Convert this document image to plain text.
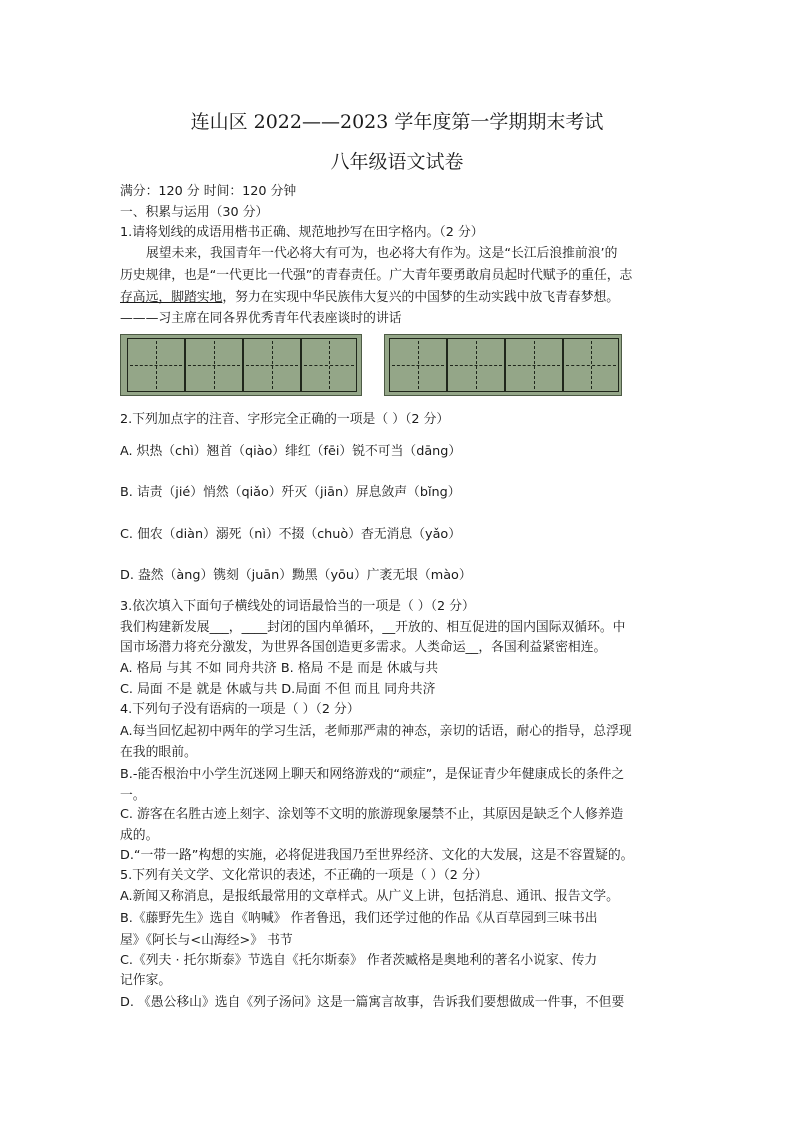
连山区 2022——2023 学年度第一学期期末考试
八年级语文试卷
满分：120 分 时间：120 分钟
一、积累与运用（30 分）
1.请将划线的成语用楷书正确、规范地抄写在田字格内。（2 分）
展望未来，我国青年一代必将大有可为，也必将大有作为。这是“长江后浪推前浪’的
历史规律，也是“一代更比一代强”的青春责任。广大青年要勇敢肩员起时代赋予的重任，志
存高远，脚踏实地，努力在实现中华民族伟大复兴的中国梦的生动实践中放飞青春梦想。
———习主席在同各界优秀青年代表座谈时的讲话
2.下列加点字的注音、字形完全正确的一项是（ ）（2 分）
A. 炽热（chì）翘首（qiào）绯红（fēi）锐不可当（dāng）
B. 诘责（jié）悄然（qiǎo）歼灭（jiān）屏息敛声（bǐng）
C. 佃农（diàn）溺死（nì）不掇（chuò）杳无消息（yǎo）
D. 盎然（àng）镌刻（juān）黝黑（yōu）广袤无垠（mào）
3.依次填入下面句子横线处的词语最恰当的一项是（ ）（2 分）
我们构建新发展___，____封闭的国内单循环，__开放的、相互促进的国内国际双循环。中
国市场潜力将充分激发，为世界各国创造更多需求。人类命运__，各国利益紧密相连。
A. 格局 与其 不如 同舟共济 B. 格局 不是 而是 休戚与共
C. 局面 不是 就是 休戚与共 D.局面 不但 而且 同舟共济
4.下列句子没有语病的一项是（ ）（2 分）
A.每当回忆起初中两年的学习生活，老师那严肃的神态，亲切的话语，耐心的指导，总浮现
在我的眼前。
B.-能否根治中小学生沉迷网上聊天和网络游戏的“顽症”，是保证青少年健康成长的条件之
一。
C. 游客在名胜古迹上刻字、涂划等不文明的旅游现象屡禁不止，其原因是缺乏个人修养造
成的。
D.“一带一路”构想的实施，必将促进我国乃至世界经济、文化的大发展，这是不容置疑的。
5.下列有关文学、文化常识的表述，不正确的一项是（ ）（2 分）
A.新闻又称消息，是报纸最常用的文章样式。从广义上讲，包括消息、通讯、报告文学。
B.《藤野先生》选自《呐喊》 作者鲁迅，我们还学过他的作品《从百草园到三味书出
屋》《阿长与<山海经>》 书节
C.《列夫 · 托尔斯泰》节选自《托尔斯泰》 作者茨臧格是奥地利的著名小说家、传力
记作家。
D. 《愚公移山》选自《列子汤问》这是一篇寓言故事，告诉我们要想做成一件事，不但要
